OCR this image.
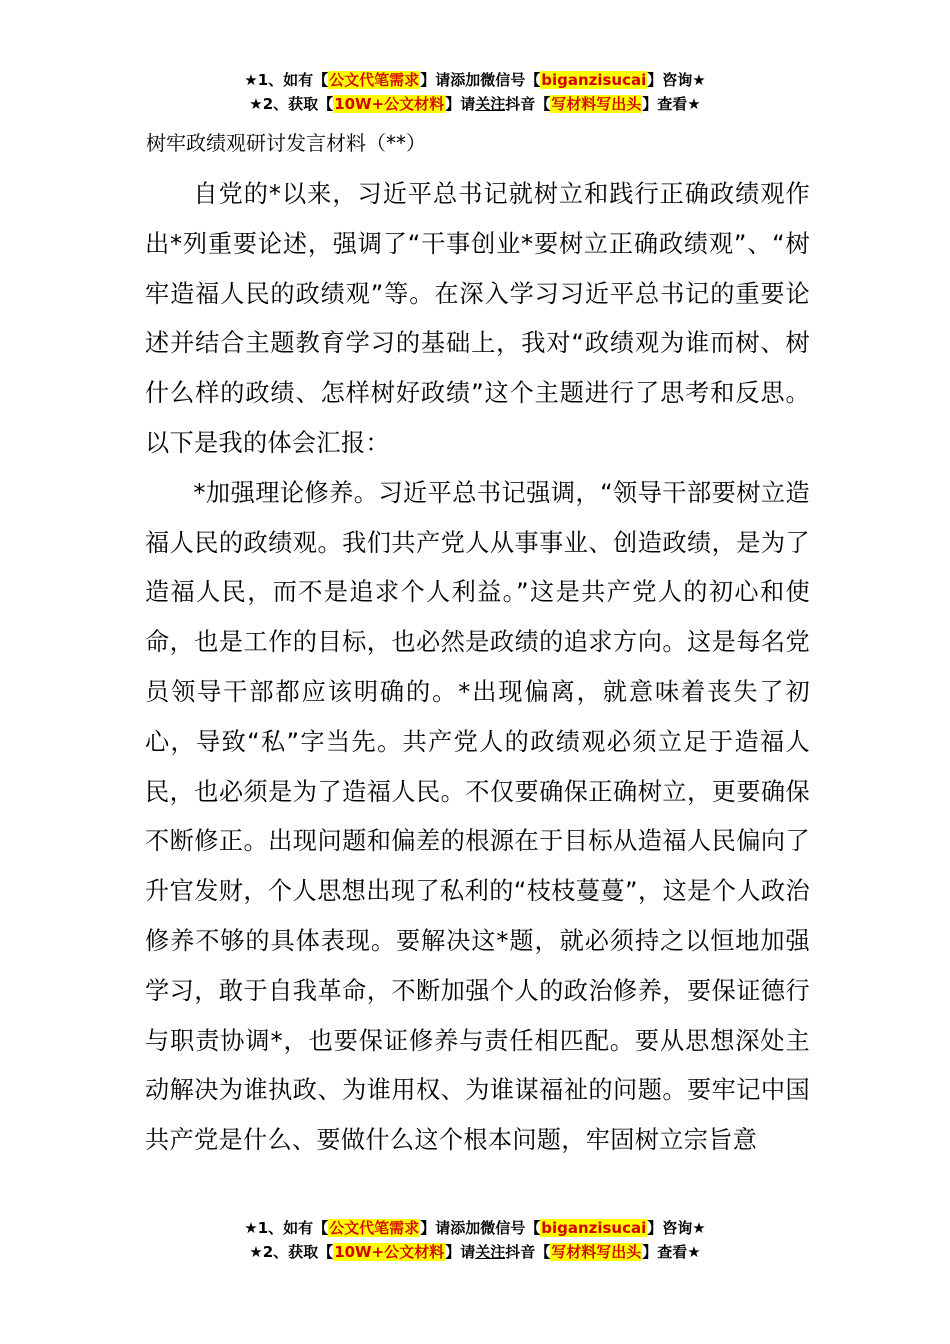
★1、如有【公文代笔需求】请添加微信号【biganzisucai】咨询★
★2、获取【10W+公文材料】请关注抖音【写材料写出头】查看★
树牢政绩观研讨发言材料（**）

自党的*以来，习近平总书记就树立和践行正确政绩观作出*列重要论述，强调了“干事创业*要树立正确政绩观”、“树牢造福人民的政绩观”等。在深入学习习近平总书记的重要论述并结合主题教育学习的基础上，我对“政绩观为谁而树、树什么样的政绩、怎样树好政绩”这个主题进行了思考和反思。以下是我的体会汇报：

*加强理论修养。习近平总书记强调，“领导干部要树立造福人民的政绩观。我们共产党人从事事业、创造政绩，是为了造福人民，而不是追求个人利益。”这是共产党人的初心和使命，也是工作的目标，也必然是政绩的追求方向。这是每名党员领导干部都应该明确的。*出现偏离，就意味着丧失了初心，导致“私”字当先。共产党人的政绩观必须立足于造福人民，也必须是为了造福人民。不仅要确保正确树立，更要确保不断修正。出现问题和偏差的根源在于目标从造福人民偏向了升官发财，个人思想出现了私利的“枝枝蔓蔓”，这是个人政治修养不够的具体表现。要解决这*题，就必须持之以恒地加强学习，敢于自我革命，不断加强个人的政治修养，要保证德行与职责协调*，也要保证修养与责任相匹配。要从思想深处主动解决为谁执政、为谁用权、为谁谋福祉的问题。要牢记中国共产党是什么、要做什么这个根本问题，牢固树立宗旨意

★1、如有【公文代笔需求】请添加微信号【biganzisucai】咨询★
★2、获取【10W+公文材料】请关注抖音【写材料写出头】查看★
